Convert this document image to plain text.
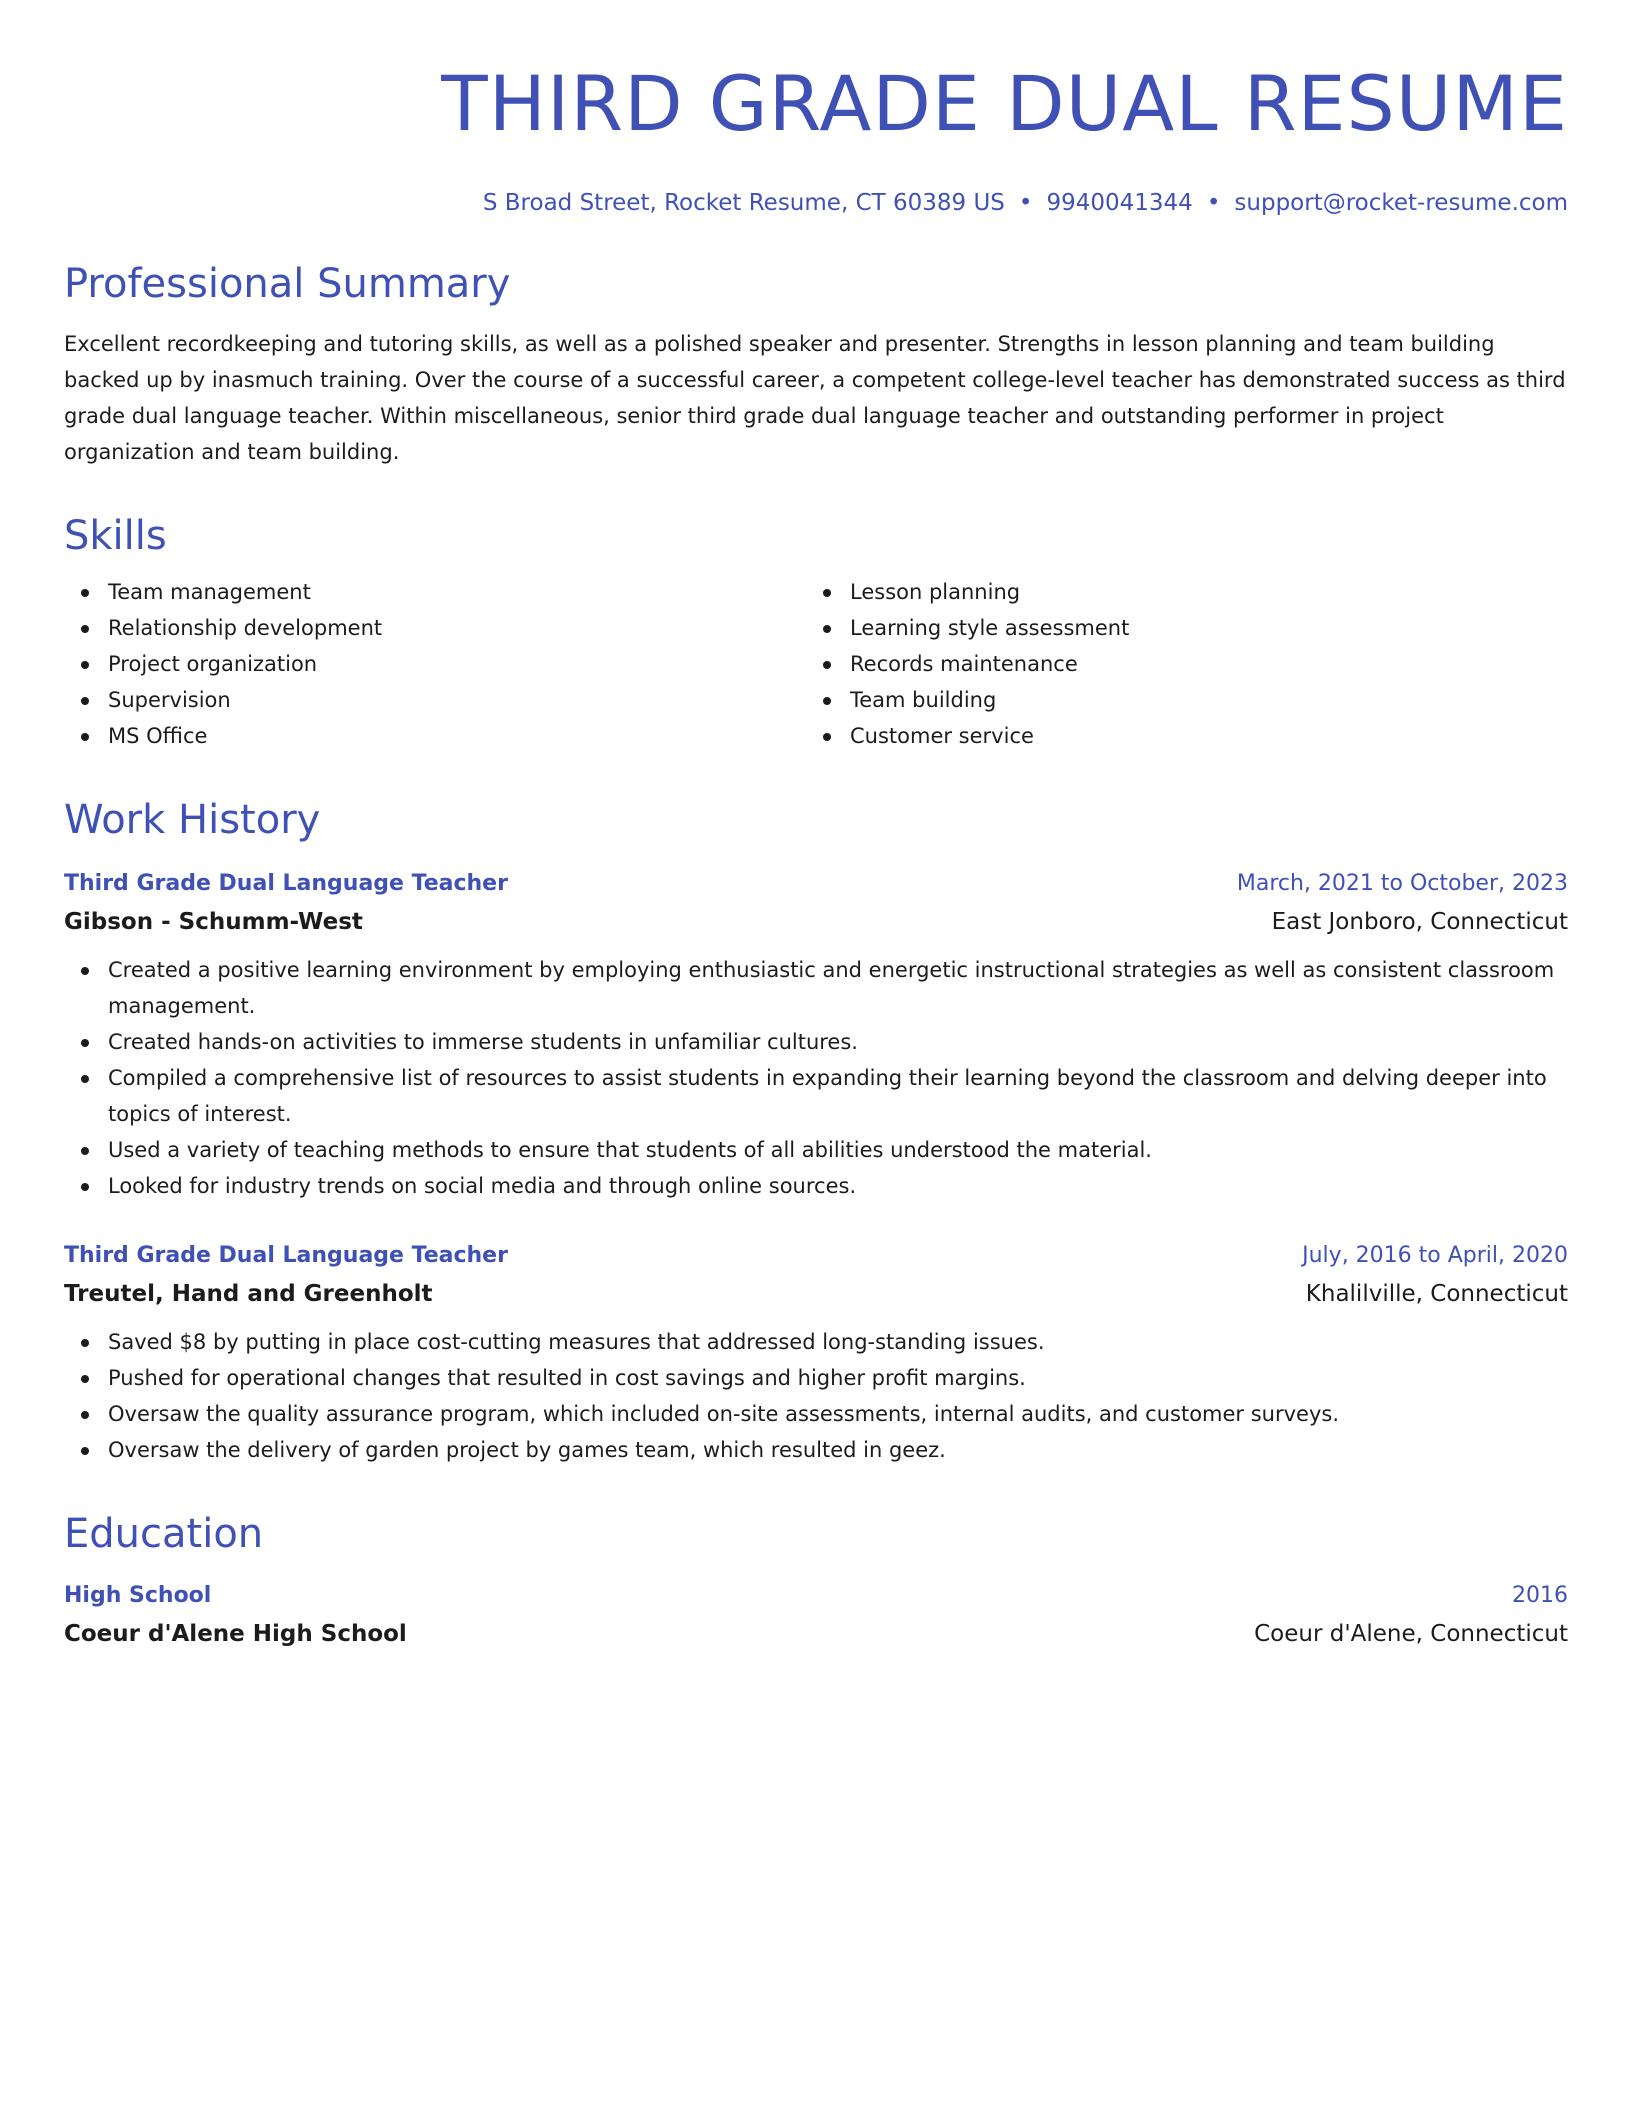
THIRD GRADE DUAL RESUME
S Broad Street, Rocket Resume, CT 60389 US • 9940041344 • support@rocket-resume.com
Professional Summary

Excellent recordkeeping and tutoring skills, as well as a polished speaker and presenter. Strengths in lesson planning and team building backed up by inasmuch training. Over the course of a successful career, a competent college-level teacher has demonstrated success as third grade dual language teacher. Within miscellaneous, senior third grade dual language teacher and outstanding performer in project organization and team building.

Skills
Team management
Relationship development
Project organization
Supervision
MS Office
Lesson planning
Learning style assessment
Records maintenance
Team building
Customer service
Work History
Third Grade Dual Language Teacher	March, 2021 to October, 2023
Gibson - Schumm-West	East Jonboro, Connecticut
Created a positive learning environment by employing enthusiastic and energetic instructional strategies as well as consistent classroom management.
Created hands-on activities to immerse students in unfamiliar cultures.
Compiled a comprehensive list of resources to assist students in expanding their learning beyond the classroom and delving deeper into topics of interest.
Used a variety of teaching methods to ensure that students of all abilities understood the material.
Looked for industry trends on social media and through online sources.
Third Grade Dual Language Teacher	July, 2016 to April, 2020
Treutel, Hand and Greenholt	Khalilville, Connecticut
Saved $8 by putting in place cost-cutting measures that addressed long-standing issues.
Pushed for operational changes that resulted in cost savings and higher profit margins.
Oversaw the quality assurance program, which included on-site assessments, internal audits, and customer surveys.
Oversaw the delivery of garden project by games team, which resulted in geez.
Education
High School	2016
Coeur d'Alene High School	Coeur d'Alene, Connecticut
